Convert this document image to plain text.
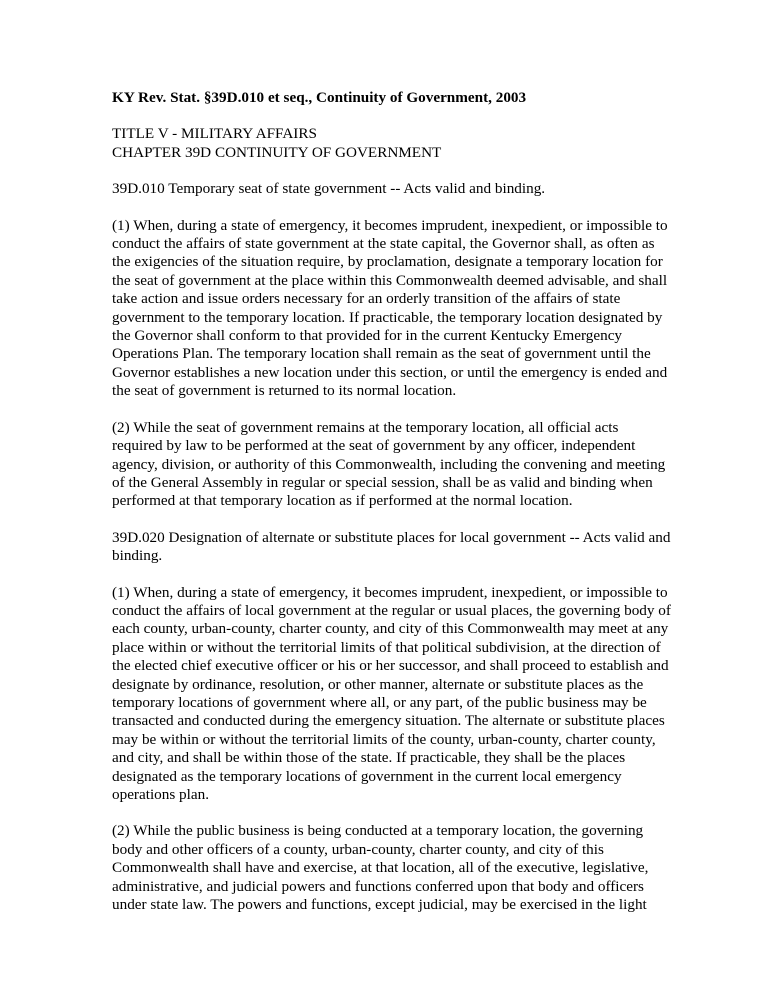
KY Rev. Stat. §39D.010 et seq., Continuity of Government, 2003

TITLE V - MILITARY AFFAIRS

CHAPTER 39D CONTINUITY OF GOVERNMENT

39D.010 Temporary seat of state government -- Acts valid and binding.

(1) When, during a state of emergency, it becomes imprudent, inexpedient, or impossible to conduct the affairs of state government at the state capital, the Governor shall, as often as the exigencies of the situation require, by proclamation, designate a temporary location for the seat of government at the place within this Commonwealth deemed advisable, and shall take action and issue orders necessary for an orderly transition of the affairs of state government to the temporary location. If practicable, the temporary location designated by the Governor shall conform to that provided for in the current Kentucky Emergency Operations Plan. The temporary location shall remain as the seat of government until the Governor establishes a new location under this section, or until the emergency is ended and the seat of government is returned to its normal location.

(2) While the seat of government remains at the temporary location, all official acts required by law to be performed at the seat of government by any officer, independent agency, division, or authority of this Commonwealth, including the convening and meeting of the General Assembly in regular or special session, shall be as valid and binding when performed at that temporary location as if performed at the normal location.

39D.020 Designation of alternate or substitute places for local government -- Acts valid and binding.

(1) When, during a state of emergency, it becomes imprudent, inexpedient, or impossible to conduct the affairs of local government at the regular or usual places, the governing body of each county, urban-county, charter county, and city of this Commonwealth may meet at any place within or without the territorial limits of that political subdivision, at the direction of the elected chief executive officer or his or her successor, and shall proceed to establish and designate by ordinance, resolution, or other manner, alternate or substitute places as the temporary locations of government where all, or any part, of the public business may be transacted and conducted during the emergency situation. The alternate or substitute places may be within or without the territorial limits of the county, urban-county, charter county, and city, and shall be within those of the state. If practicable, they shall be the places designated as the temporary locations of government in the current local emergency operations plan.

(2) While the public business is being conducted at a temporary location, the governing body and other officers of a county, urban-county, charter county, and city of this Commonwealth shall have and exercise, at that location, all of the executive, legislative, administrative, and judicial powers and functions conferred upon that body and officers under state law. The powers and functions, except judicial, may be exercised in the light
